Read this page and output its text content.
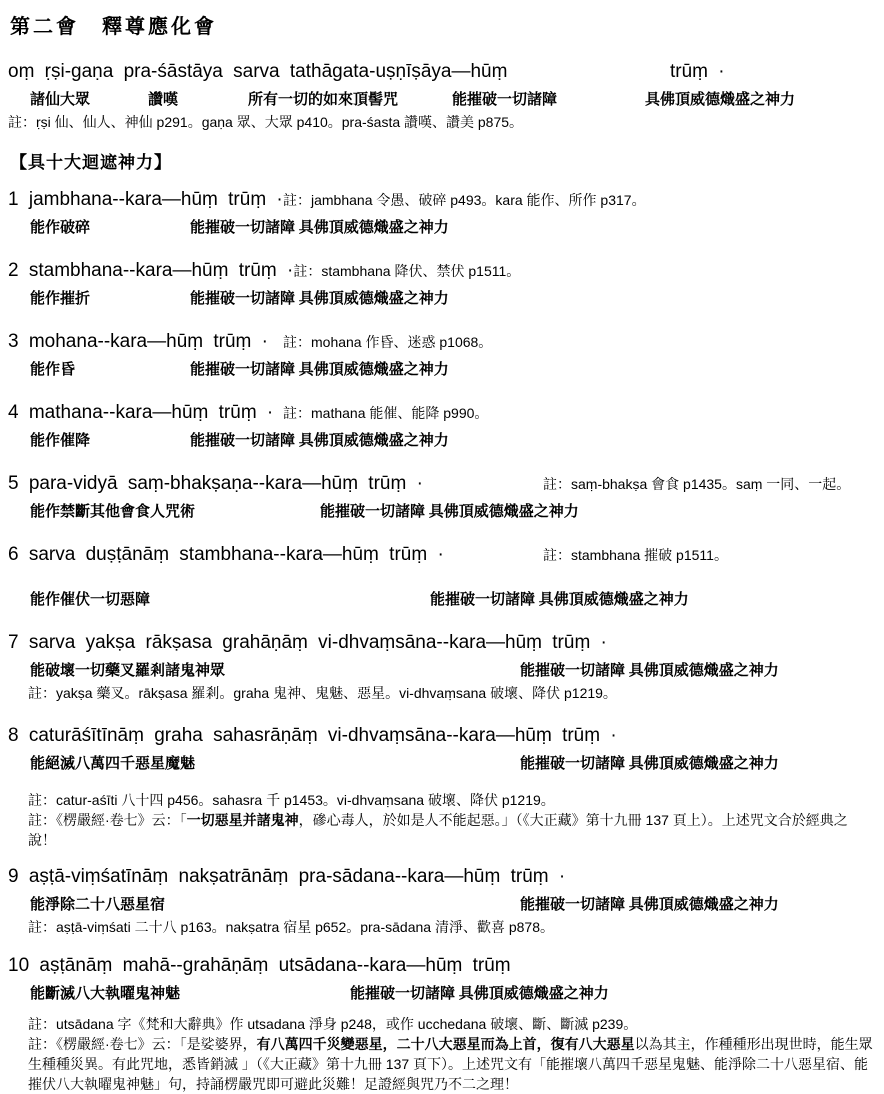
第二會　釋尊應化會
oṃ ṛṣi-gaṇa pra-śāstāya sarva tathāgata-uṣṇīṣāya—hūṃ	trūṃ ·
諸仙大眾	讚嘆	所有一切的如來頂髻咒	能摧破一切諸障	具佛頂威德熾盛之神力
註：ṛṣi 仙、仙人、神仙 p291。gaṇa 眾、大眾 p410。pra-śasta 讚嘆、讚美 p875。
【具十大迴遮神力】
1 jambhana--kara—hūṃ trūṃ · 註：jambhana 令愚、破碎 p493。kara 能作、所作 p317。
能作破碎	能摧破一切諸障 具佛頂威德熾盛之神力
2 stambhana--kara—hūṃ trūṃ · 註：stambhana 降伏、禁伏 p1511。
能作摧折	能摧破一切諸障 具佛頂威德熾盛之神力
3 mohana--kara—hūṃ trūṃ ·	註：mohana 作昏、迷惑 p1068。
能作昏	能摧破一切諸障 具佛頂威德熾盛之神力
4 mathana--kara—hūṃ trūṃ · 註：mathana 能催、能降 p990。
能作催降	能摧破一切諸障 具佛頂威德熾盛之神力
5 para-vidyā saṃ-bhakṣaṇa--kara—hūṃ trūṃ ·	註：saṃ-bhakṣa 會食 p1435。saṃ 一同、一起。
能作禁斷其他會食人咒術	能摧破一切諸障 具佛頂威德熾盛之神力
6 sarva duṣṭānāṃ stambhana--kara—hūṃ trūṃ ·	註：stambhana 摧破 p1511。
能作催伏一切惡障	能摧破一切諸障 具佛頂威德熾盛之神力
7 sarva yakṣa rākṣasa grahāṇāṃ vi-dhvaṃsāna--kara—hūṃ trūṃ ·
能破壞一切藥叉羅剎諸鬼神眾	能摧破一切諸障 具佛頂威德熾盛之神力
註：yakṣa 藥叉。rākṣasa 羅剎。graha 鬼神、鬼魅、惡星。vi-dhvaṃsana 破壞、降伏 p1219。
8 caturāśītīnāṃ graha sahasrāṇāṃ vi-dhvaṃsāna--kara—hūṃ trūṃ ·
能絕滅八萬四千惡星魔魅	能摧破一切諸障 具佛頂威德熾盛之神力
註：catur-aśīti 八十四 p456。sahasra 千 p1453。vi-dhvaṃsana 破壞、降伏 p1219。
註：《楞嚴經·卷七》云：「一切惡星并諸鬼神，磣心毒人，於如是人不能起惡。」（《大正藏》第十九冊 137 頁上）。上述咒文合於經典之說！
9 aṣṭā-viṃśatīnāṃ nakṣatrānāṃ pra-sādana--kara—hūṃ trūṃ ·
能淨除二十八惡星宿	能摧破一切諸障 具佛頂威德熾盛之神力
註：aṣṭā-viṃśati 二十八 p163。nakṣatra 宿星 p652。pra-sādana 清淨、歡喜 p878。
10 aṣṭānāṃ mahā--grahāṇāṃ utsādana--kara—hūṃ trūṃ
能斷滅八大執曜鬼神魅	能摧破一切諸障 具佛頂威德熾盛之神力
註：utsādana 字《梵和大辭典》作 utsadana 淨身 p248，或作 ucchedana 破壞、斷、斷滅 p239。
註：《楞嚴經·卷七》云：「是娑婆界，有八萬四千災變惡星，二十八大惡星而為上首，復有八大惡星以為其主，作種種形出現世時，能生眾生種種災異。有此咒地，悉皆銷滅 」（《大正藏》第十九冊 137 頁下）。上述咒文有「能摧壞八萬四千惡星鬼魅、能淨除二十八惡星宿、能摧伏八大執曜鬼神魅」句，持誦楞嚴咒即可避此災難！足證經與咒乃不二之理！
